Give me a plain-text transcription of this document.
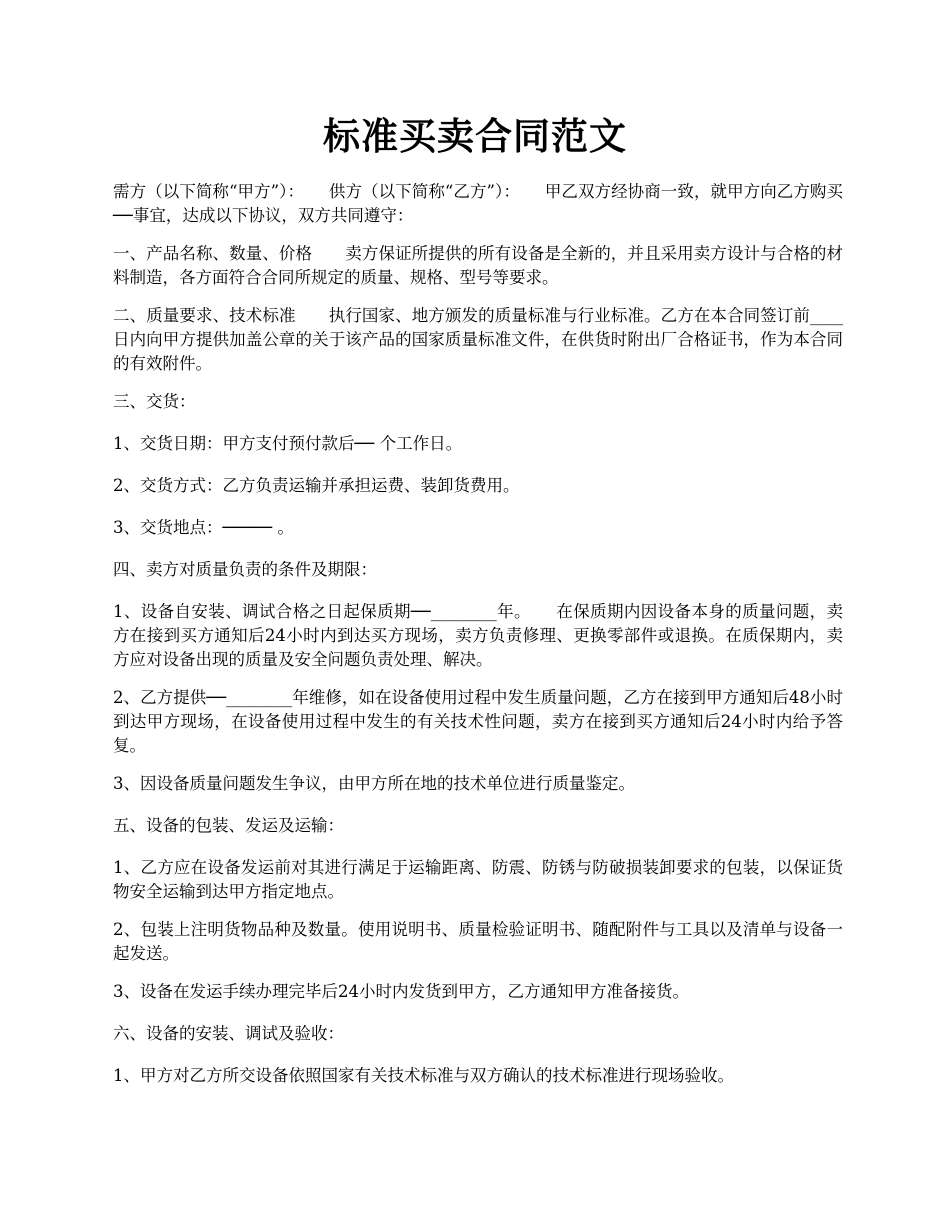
标准买卖合同范文

需方（以下简称“甲方”）：　　供方（以下简称“乙方”）：　　甲乙双方经协商一致，就甲方向乙方购买──事宜，达成以下协议，双方共同遵守：

一、产品名称、数量、价格　　卖方保证所提供的所有设备是全新的，并且采用卖方设计与合格的材料制造，各方面符合合同所规定的质量、规格、型号等要求。

二、质量要求、技术标准　　执行国家、地方颁发的质量标准与行业标准。乙方在本合同签订前____日内向甲方提供加盖公章的关于该产品的国家质量标准文件，在供货时附出厂合格证书，作为本合同的有效附件。

三、交货：

1、交货日期：甲方支付预付款后── 个工作日。

2、交货方式：乙方负责运输并承担运费、装卸货费用。

3、交货地点：───── 。

四、卖方对质量负责的条件及期限：

1、设备自安装、调试合格之日起保质期──________年。　　在保质期内因设备本身的质量问题，卖方在接到买方通知后24小时内到达买方现场，卖方负责修理、更换零部件或退换。在质保期内，卖方应对设备出现的质量及安全问题负责处理、解决。

2、乙方提供──________年维修，如在设备使用过程中发生质量问题，乙方在接到甲方通知后48小时到达甲方现场，在设备使用过程中发生的有关技术性问题，卖方在接到买方通知后24小时内给予答复。

3、因设备质量问题发生争议，由甲方所在地的技术单位进行质量鉴定。

五、设备的包装、发运及运输：

1、乙方应在设备发运前对其进行满足于运输距离、防震、防锈与防破损装卸要求的包装，以保证货物安全运输到达甲方指定地点。

2、包装上注明货物品种及数量。使用说明书、质量检验证明书、随配附件与工具以及清单与设备一起发送。

3、设备在发运手续办理完毕后24小时内发货到甲方，乙方通知甲方准备接货。

六、设备的安装、调试及验收：

1、甲方对乙方所交设备依照国家有关技术标准与双方确认的技术标准进行现场验收。
